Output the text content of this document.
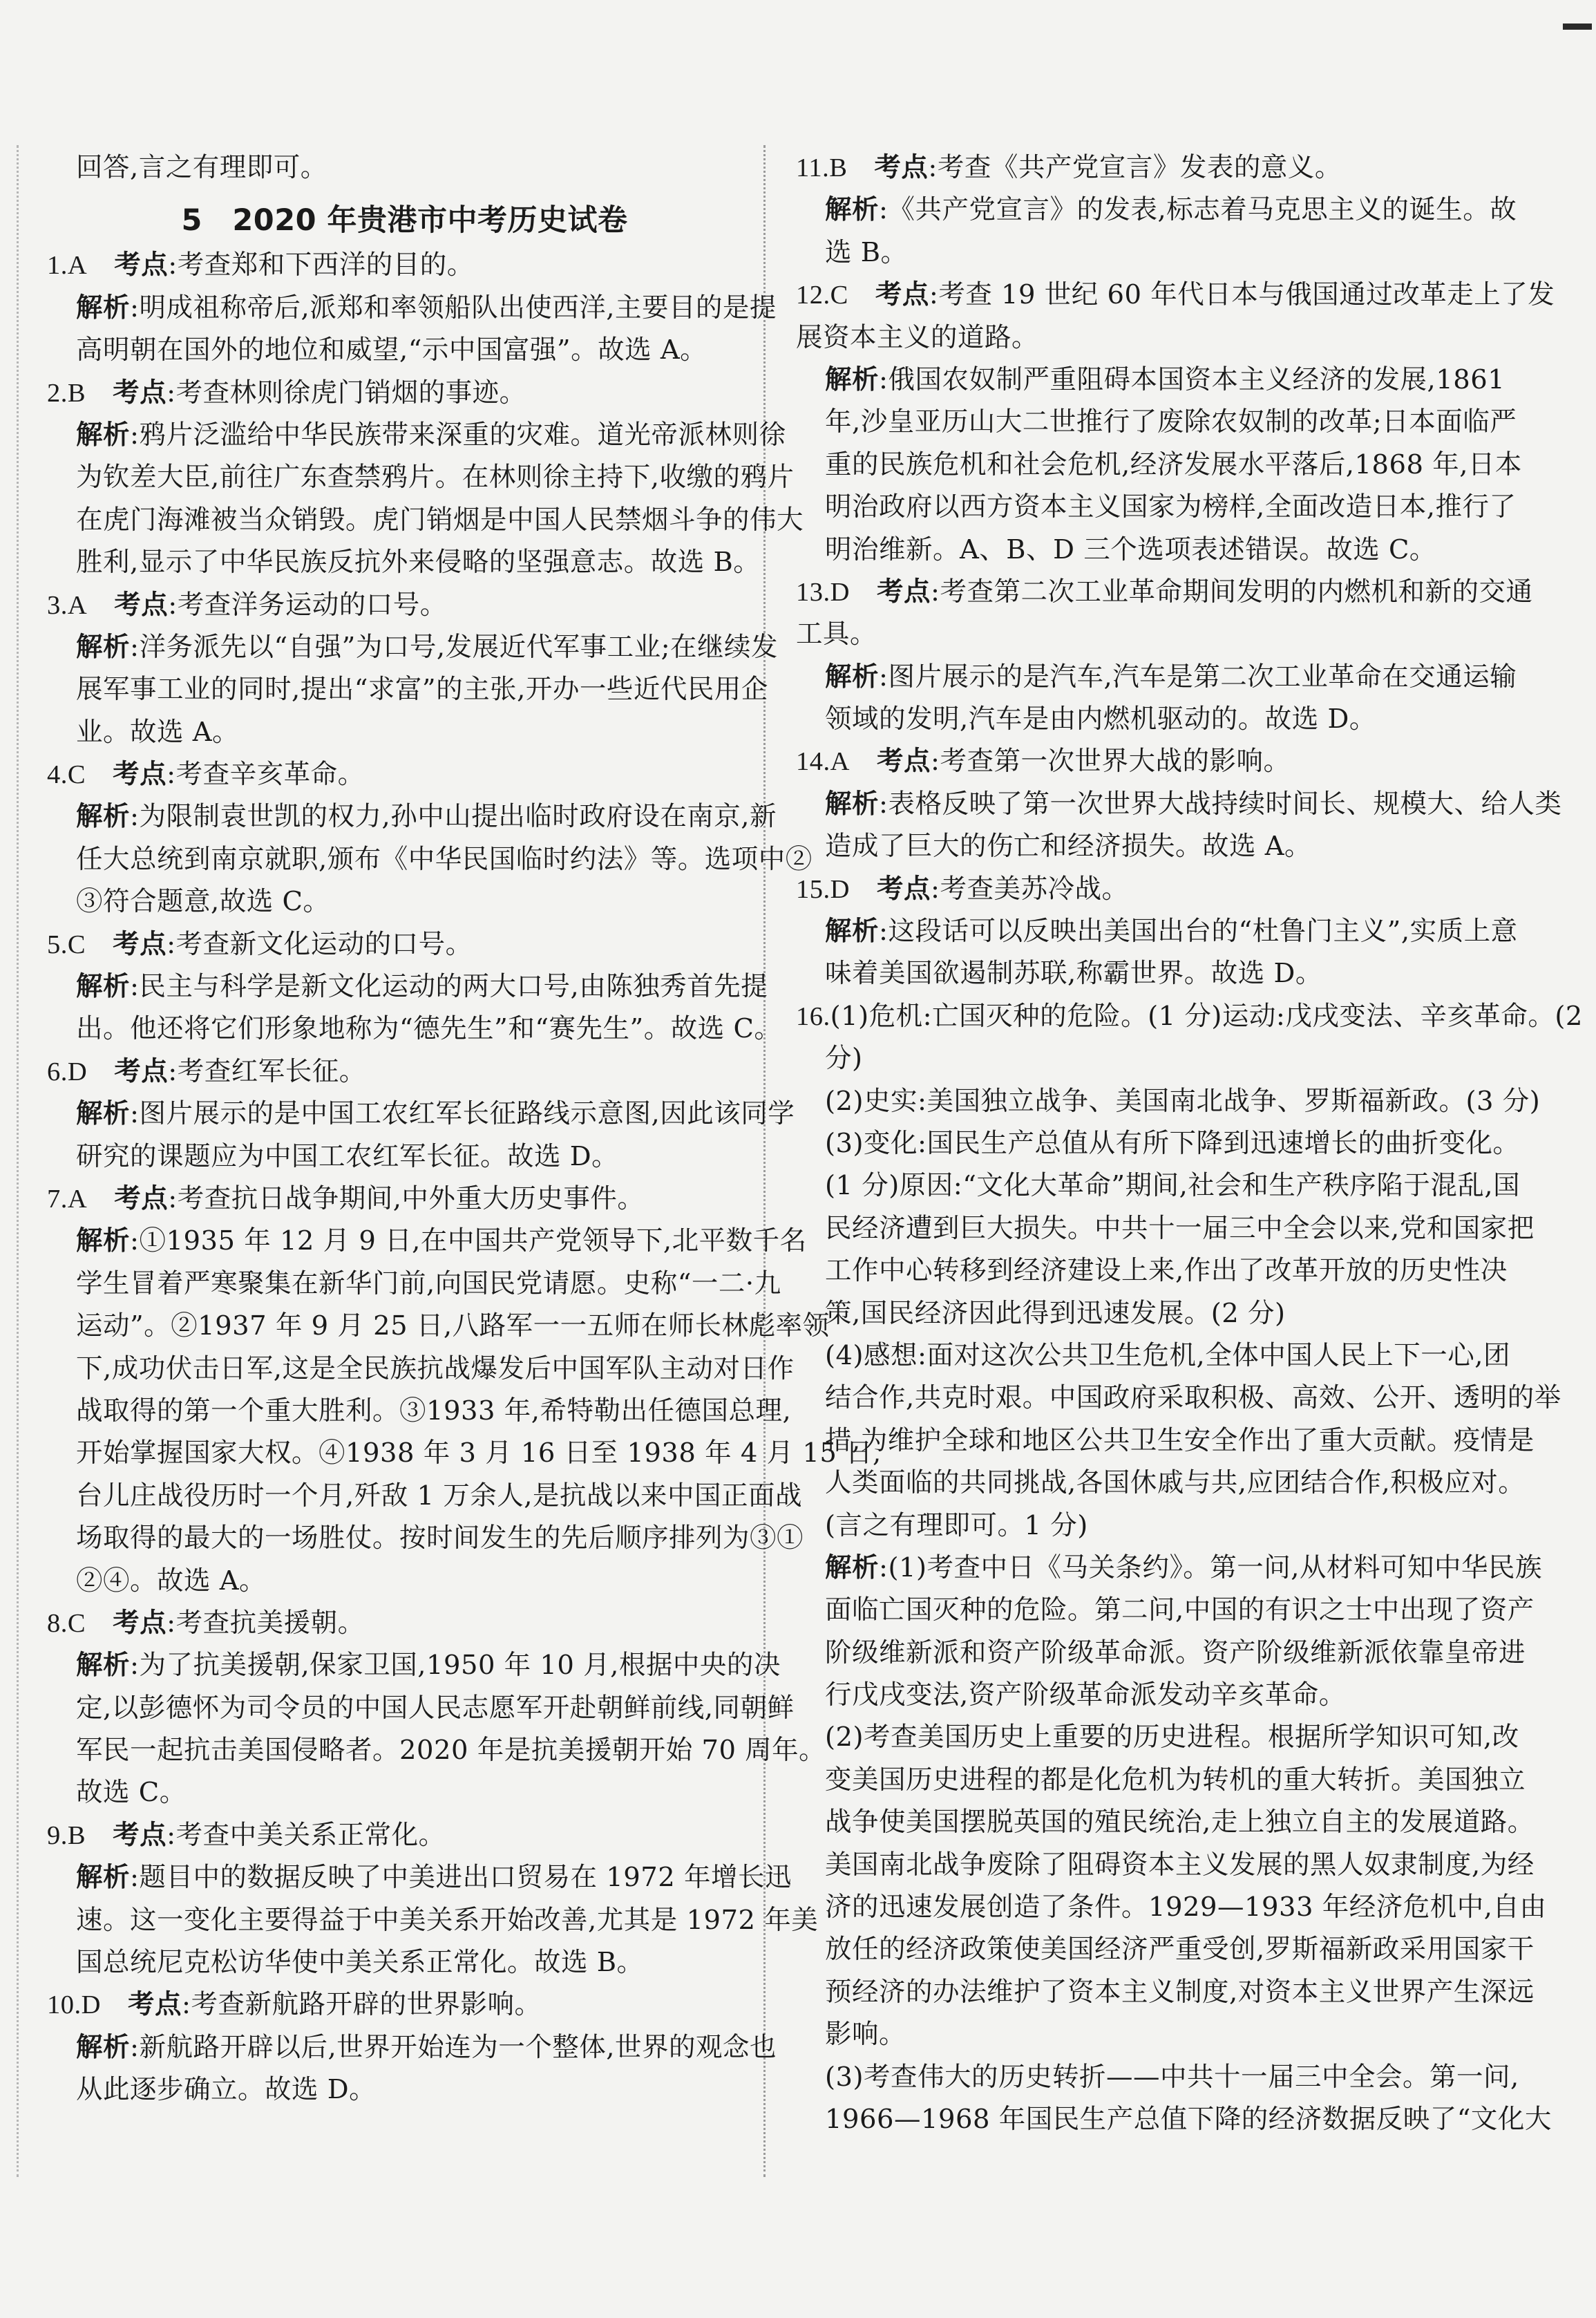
回答,言之有理即可。
5　2020 年贵港市中考历史试卷
1.A　 考点:考查郑和下西洋的目的。
解析:明成祖称帝后,派郑和率领船队出使西洋,主要目的是提
高明朝在国外的地位和威望,“示中国富强”。故选 A。
2.B　 考点:考查林则徐虎门销烟的事迹。
解析:鸦片泛滥给中华民族带来深重的灾难。道光帝派林则徐
为钦差大臣,前往广东查禁鸦片。在林则徐主持下,收缴的鸦片
在虎门海滩被当众销毁。虎门销烟是中国人民禁烟斗争的伟大
胜利,显示了中华民族反抗外来侵略的坚强意志。故选 B。
3.A　 考点:考查洋务运动的口号。
解析:洋务派先以“自强”为口号,发展近代军事工业;在继续发
展军事工业的同时,提出“求富”的主张,开办一些近代民用企
业。故选 A。
4.C　 考点:考查辛亥革命。
解析:为限制袁世凯的权力,孙中山提出临时政府设在南京,新
任大总统到南京就职,颁布《中华民国临时约法》等。选项中②
③符合题意,故选 C。
5.C　 考点:考查新文化运动的口号。
解析:民主与科学是新文化运动的两大口号,由陈独秀首先提
出。他还将它们形象地称为“德先生”和“赛先生”。故选 C。
6.D　 考点:考查红军长征。
解析:图片展示的是中国工农红军长征路线示意图,因此该同学
研究的课题应为中国工农红军长征。故选 D。
7.A　 考点:考查抗日战争期间,中外重大历史事件。
解析:①1935 年 12 月 9 日,在中国共产党领导下,北平数千名
学生冒着严寒聚集在新华门前,向国民党请愿。史称“一二·九
运动”。②1937 年 9 月 25 日,八路军一一五师在师长林彪率领
下,成功伏击日军,这是全民族抗战爆发后中国军队主动对日作
战取得的第一个重大胜利。③1933 年,希特勒出任德国总理,
开始掌握国家大权。④1938 年 3 月 16 日至 1938 年 4 月 15 日,
台儿庄战役历时一个月,歼敌 1 万余人,是抗战以来中国正面战
场取得的最大的一场胜仗。按时间发生的先后顺序排列为③①
②④。故选 A。
8.C　 考点:考查抗美援朝。
解析:为了抗美援朝,保家卫国,1950 年 10 月,根据中央的决
定,以彭德怀为司令员的中国人民志愿军开赴朝鲜前线,同朝鲜
军民一起抗击美国侵略者。2020 年是抗美援朝开始 70 周年。
故选 C。
9.B　 考点:考查中美关系正常化。
解析:题目中的数据反映了中美进出口贸易在 1972 年增长迅
速。这一变化主要得益于中美关系开始改善,尤其是 1972 年美
国总统尼克松访华使中美关系正常化。故选 B。
10.D　 考点:考查新航路开辟的世界影响。
解析:新航路开辟以后,世界开始连为一个整体,世界的观念也
从此逐步确立。故选 D。
11.B　 考点:考查《共产党宣言》发表的意义。
解析:《共产党宣言》的发表,标志着马克思主义的诞生。故
选 B。
12.C　 考点:考查 19 世纪 60 年代日本与俄国通过改革走上了发
展资本主义的道路。
解析:俄国农奴制严重阻碍本国资本主义经济的发展,1861
年,沙皇亚历山大二世推行了废除农奴制的改革;日本面临严
重的民族危机和社会危机,经济发展水平落后,1868 年,日本
明治政府以西方资本主义国家为榜样,全面改造日本,推行了
明治维新。A、B、D 三个选项表述错误。故选 C。
13.D　 考点:考查第二次工业革命期间发明的内燃机和新的交通
工具。
解析:图片展示的是汽车,汽车是第二次工业革命在交通运输
领域的发明,汽车是由内燃机驱动的。故选 D。
14.A　 考点:考查第一次世界大战的影响。
解析:表格反映了第一次世界大战持续时间长、规模大、给人类
造成了巨大的伤亡和经济损失。故选 A。
15.D　 考点:考查美苏冷战。
解析:这段话可以反映出美国出台的“杜鲁门主义”,实质上意
味着美国欲遏制苏联,称霸世界。故选 D。
16.(1)危机:亡国灭种的危险。(1 分)运动:戊戌变法、辛亥革命。(2
分)
(2)史实:美国独立战争、美国南北战争、罗斯福新政。(3 分)
(3)变化:国民生产总值从有所下降到迅速增长的曲折变化。
(1 分)原因:“文化大革命”期间,社会和生产秩序陷于混乱,国
民经济遭到巨大损失。中共十一届三中全会以来,党和国家把
工作中心转移到经济建设上来,作出了改革开放的历史性决
策,国民经济因此得到迅速发展。(2 分)
(4)感想:面对这次公共卫生危机,全体中国人民上下一心,团
结合作,共克时艰。中国政府采取积极、高效、公开、透明的举
措,为维护全球和地区公共卫生安全作出了重大贡献。疫情是
人类面临的共同挑战,各国休戚与共,应团结合作,积极应对。
(言之有理即可。1 分)
解析:(1)考查中日《马关条约》。第一问,从材料可知中华民族
面临亡国灭种的危险。第二问,中国的有识之士中出现了资产
阶级维新派和资产阶级革命派。资产阶级维新派依靠皇帝进
行戊戌变法,资产阶级革命派发动辛亥革命。
(2)考查美国历史上重要的历史进程。根据所学知识可知,改
变美国历史进程的都是化危机为转机的重大转折。美国独立
战争使美国摆脱英国的殖民统治,走上独立自主的发展道路。
美国南北战争废除了阻碍资本主义发展的黑人奴隶制度,为经
济的迅速发展创造了条件。1929—1933 年经济危机中,自由
放任的经济政策使美国经济严重受创,罗斯福新政采用国家干
预经济的办法维护了资本主义制度,对资本主义世界产生深远
影响。
(3)考查伟大的历史转折——中共十一届三中全会。第一问,
1966—1968 年国民生产总值下降的经济数据反映了“文化大
